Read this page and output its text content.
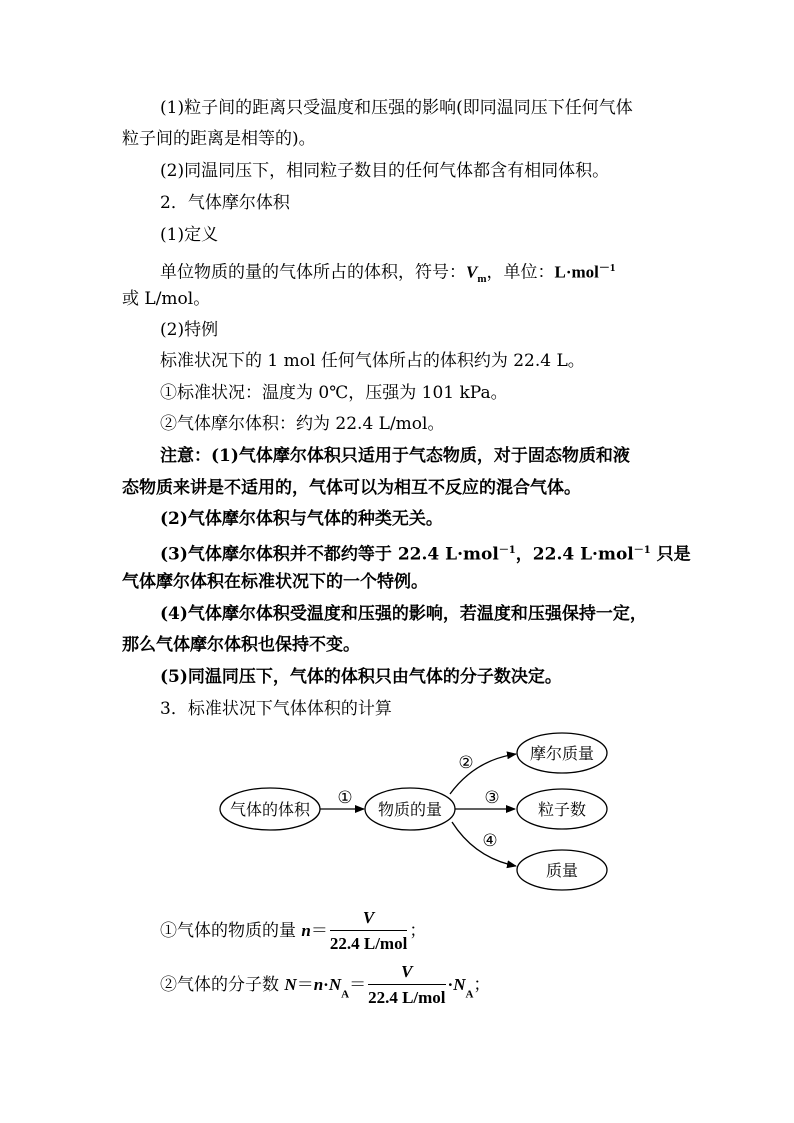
(1)粒子间的距离只受温度和压强的影响(即同温同压下任何气体
粒子间的距离是相等的)。
(2)同温同压下，相同粒子数目的任何气体都含有相同体积。
2．气体摩尔体积
(1)定义
单位物质的量的气体所占的体积，符号：$V_m$，单位：L·mol$^{-1}$
或 L/mol。
(2)特例
标准状况下的 1 mol 任何气体所占的体积约为 22.4 L。
①标准状况：温度为 0℃，压强为 101 kPa。
②气体摩尔体积：约为 22.4 L/mol。
注意：(1)气体摩尔体积只适用于气态物质，对于固态物质和液
态物质来讲是不适用的，气体可以为相互不反应的混合气体。
(2)气体摩尔体积与气体的种类无关。
(3)气体摩尔体积并不都约等于 22.4 L·mol$^{-1}$，22.4 L·mol$^{-1}$ 只是
气体摩尔体积在标准状况下的一个特例。
(4)气体摩尔体积受温度和压强的影响，若温度和压强保持一定，
那么气体摩尔体积也保持不变。
(5)同温同压下，气体的体积只由气体的分子数决定。
3．标准状况下气体体积的计算
气体的体积	物质的量
摩尔质量
粒子数
质量
①
②
③
④
①气体的物质的量 $n= \frac{V}{\text{22.4 L/mol}}$ ；
②气体的分子数 $N=n\cdot N_A= \frac{V}{\text{22.4 L/mol}} \cdot N_A$；
